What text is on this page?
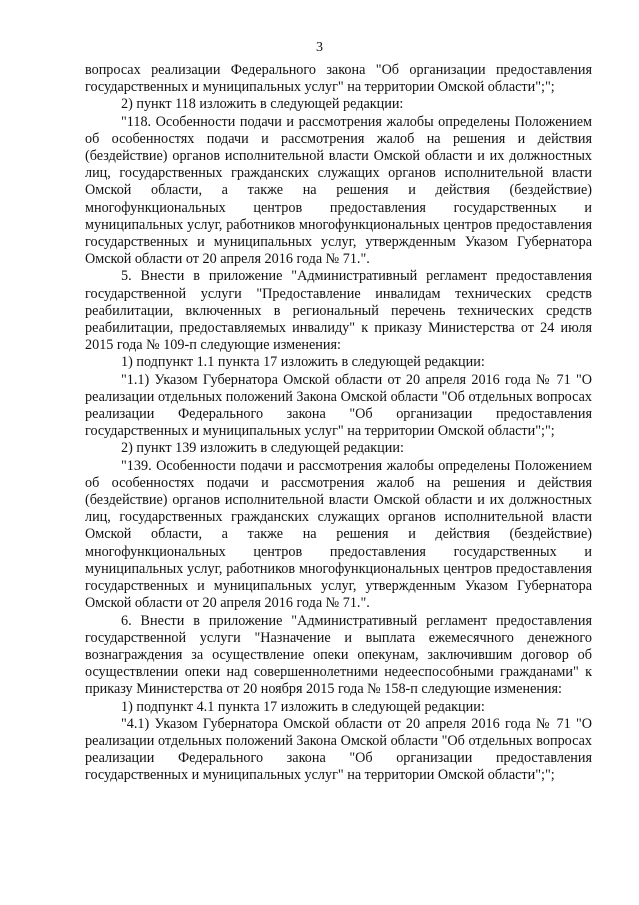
3

вопросах реализации Федерального закона "Об организации предоставления государственных и муниципальных услуг" на территории Омской области";";

2) пункт 118 изложить в следующей редакции:

"118. Особенности подачи и рассмотрения жалобы определены Положением об особенностях подачи и рассмотрения жалоб на решения и действия (бездействие) органов исполнительной власти Омской области и их должностных лиц, государственных гражданских служащих органов исполнительной власти Омской области, а также на решения и действия (бездействие) многофункциональных центров предоставления государственных и муниципальных услуг, работников многофункциональных центров предоставления государственных и муниципальных услуг, утвержденным Указом Губернатора Омской области от 20 апреля 2016 года № 71.".

5. Внести в приложение "Административный регламент предоставления государственной услуги "Предоставление инвалидам технических средств реабилитации, включенных в региональный перечень технических средств реабилитации, предоставляемых инвалиду" к приказу Министерства от 24 июля 2015 года № 109-п следующие изменения:

1) подпункт 1.1 пункта 17 изложить в следующей редакции:

"1.1) Указом Губернатора Омской области от 20 апреля 2016 года № 71 "О реализации отдельных положений Закона Омской области "Об отдельных вопросах реализации Федерального закона "Об организации предоставления государственных и муниципальных услуг" на территории Омской области";";

2) пункт 139 изложить в следующей редакции:

"139. Особенности подачи и рассмотрения жалобы определены Положением об особенностях подачи и рассмотрения жалоб на решения и действия (бездействие) органов исполнительной власти Омской области и их должностных лиц, государственных гражданских служащих органов исполнительной власти Омской области, а также на решения и действия (бездействие) многофункциональных центров предоставления государственных и муниципальных услуг, работников многофункциональных центров предоставления государственных и муниципальных услуг, утвержденным Указом Губернатора Омской области от 20 апреля 2016 года № 71.".

6. Внести в приложение "Административный регламент предоставления государственной услуги "Назначение и выплата ежемесячного денежного вознаграждения за осуществление опеки опекунам, заключившим договор об осуществлении опеки над совершеннолетними недееспособными гражданами" к приказу Министерства от 20 ноября 2015 года № 158-п следующие изменения:

1) подпункт 4.1 пункта 17 изложить в следующей редакции:

"4.1) Указом Губернатора Омской области от 20 апреля 2016 года № 71 "О реализации отдельных положений Закона Омской области "Об отдельных вопросах реализации Федерального закона "Об организации предоставления государственных и муниципальных услуг" на территории Омской области";";
